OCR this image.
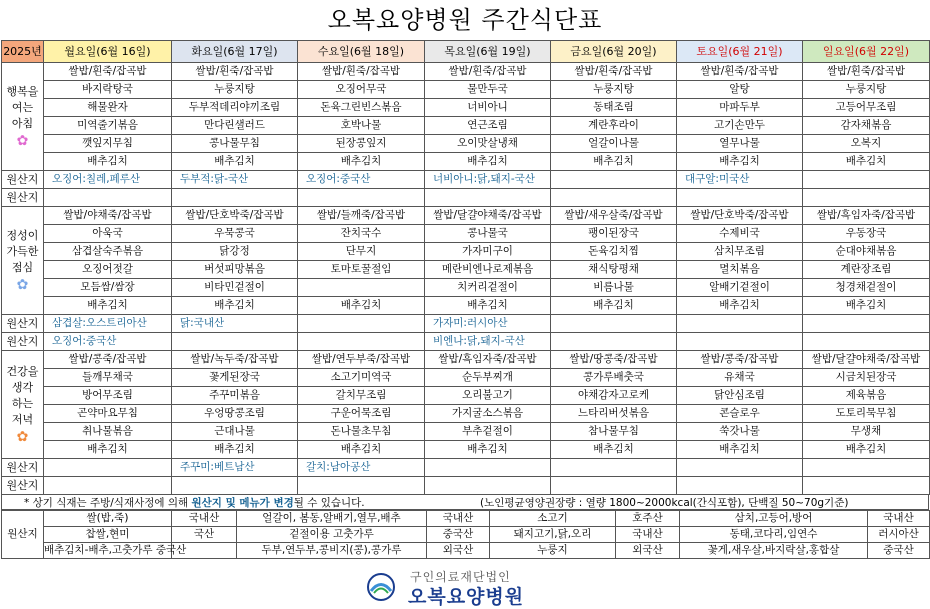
오복요양병원 주간식단표
2025년	월요일(6월 16일)	화요일(6월 17일)	수요일(6월 18일)	목요일(6월 19일)	금요일(6월 20일)	토요일(6월 21일)	일요일(6월 22일)

행복을
여는
아침
✿	쌀밥/흰죽/잡곡밥	쌀밥/흰죽/잡곡밥	쌀밥/흰죽/잡곡밥	쌀밥/흰죽/잡곡밥	쌀밥/흰죽/잡곡밥	쌀밥/흰죽/잡곡밥	쌀밥/흰죽/잡곡밥
	바지락탕국	누룽지탕	오징어무국	물만두국	누룽지탕	알탕	누룽지탕
	해물완자	두부적데리야끼조림	돈육그린빈스볶음	너비아니	동태조림	마파두부	고등어무조림
	미역줄기볶음	만다린샐러드	호박나물	연근조림	계란후라이	고기손만두	감자채볶음
	깻잎지무침	콩나물무침	된장콩잎지	오이맛살냉채	얼갈이나물	열무나물	오복지
	배추김치	배추김치	배추김치	배추김치	배추김치	배추김치	배추김치
원산지	오징어:칠레,페루산	두부적:닭-국산	오징어:중국산	너비아니:닭,돼지-국산		대구알:미국산	
원산지							

정성이
가득한
점심
✿	쌀밥/야채죽/잡곡밥	쌀밥/단호박죽/잡곡밥	쌀밥/들깨죽/잡곡밥	쌀밥/달걀야채죽/잡곡밥	쌀밥/새우살죽/잡곡밥	쌀밥/단호박죽/잡곡밥	쌀밥/흑임자죽/잡곡밥
	아욱국	우묵콩국	잔치국수	콩나물국	팽이된장국	수제비국	우동장국
	삼겹살숙주볶음	닭강정	단무지	가자미구이	돈육김치찜	삼치무조림	순대야채볶음
	오징어젓갈	버섯피망볶음	토마토꿀절임	메란비엔나로제볶음	채식탕평채	멸치볶음	계란장조림
	모듬쌈/쌈장	비타민겉절이		치커리겉절이	비름나물	알배기겉절이	청경채겉절이
	배추김치	배추김치	배추김치	배추김치	배추김치	배추김치	배추김치
원산지	삼겹살:오스트리아산	닭:국내산		가자미:러시아산			
원산지	오징어:중국산			비엔나:닭,돼지-국산			

건강을
생각
하는
저녁
✿	쌀밥/콩죽/잡곡밥	쌀밥/녹두죽/잡곡밥	쌀밥/연두부죽/잡곡밥	쌀밥/흑임자죽/잡곡밥	쌀밥/땅콩죽/잡곡밥	쌀밥/콩죽/잡곡밥	쌀밥/달걀야채죽/잡곡밥
	들깨무채국	꽃게된장국	소고기미역국	순두부찌개	콩가루배춧국	유채국	시금치된장국
	방어무조림	주꾸미볶음	갈치무조림	오리불고기	야채감자고로케	닭안심조림	제육볶음
	곤약마요무침	우엉땅콩조림	구운어묵조림	가지굴소스볶음	느타리버섯볶음	콘슬로우	도토리묵무침
	취나물볶음	근대나물	돈나물초무침	부추겉절이	참나물무침	쑥갓나물	무생채
	배추김치	배추김치	배추김치	배추김치	배추김치	배추김치	배추김치
원산지		주꾸미:베트남산	갈치:남아공산				
원산지							
* 상기 식재는 주방/식재사정에 의해 원산지 및 메뉴가 변경될 수 있습니다.	(노인평균영양권장량 : 열량 1800~2000kcal(간식포함), 단백질 50~70g기준)
원산지	쌀(밥,죽)	국내산	얼갈이, 봄동,알배기,열무,배추	국내산	소고기	호주산	삼치,고등어,방어	국내산
	찹쌀,현미	국산	겉절이용 고춧가루	중국산	돼지고기,닭,오리	국내산	동태,코다리,임연수	러시아산
	배추김치-배추,고춧가루 중국산		두부,연두부,콩비지(콩),콩가루	외국산	누룽지	외국산	꽃게,새우살,바지락살,홍합살	중국산
구인의료재단법인
오복요양병원
